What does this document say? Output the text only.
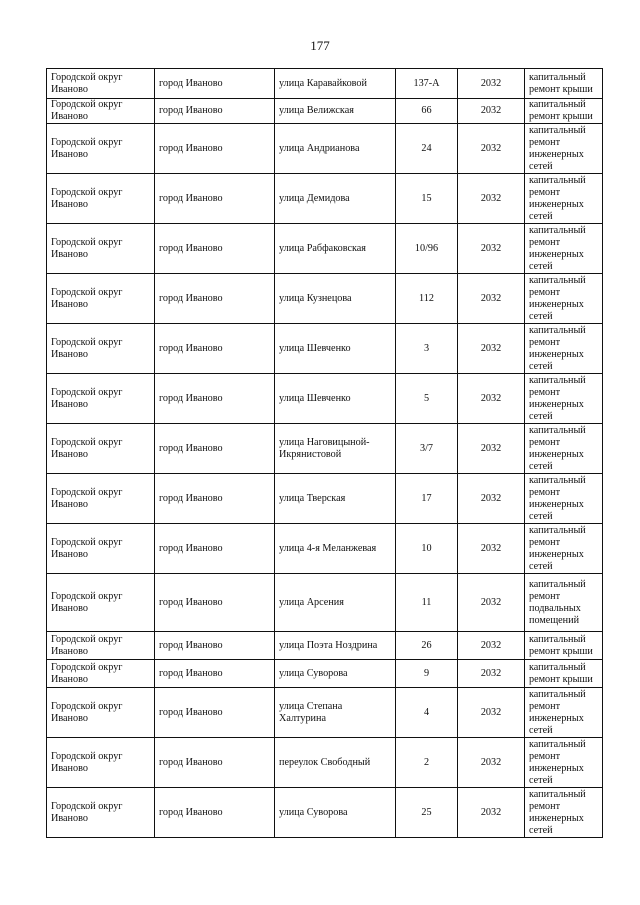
177
Городской округ Иваново	город Иваново	улица Каравайковой	137-А	2032	капитальный ремонт крыши
Городской округ Иваново	город Иваново	улица Велижская	66	2032	капитальный ремонт крыши
Городской округ Иваново	город Иваново	улица Андрианова	24	2032	капитальный ремонт инженерных сетей
Городской округ Иваново	город Иваново	улица Демидова	15	2032	капитальный ремонт инженерных сетей
Городской округ Иваново	город Иваново	улица Рабфаковская	10/96	2032	капитальный ремонт инженерных сетей
Городской округ Иваново	город Иваново	улица Кузнецова	112	2032	капитальный ремонт инженерных сетей
Городской округ Иваново	город Иваново	улица Шевченко	3	2032	капитальный ремонт инженерных сетей
Городской округ Иваново	город Иваново	улица Шевченко	5	2032	капитальный ремонт инженерных сетей
Городской округ Иваново	город Иваново	улица Наговицыной-Икрянистовой	3/7	2032	капитальный ремонт инженерных сетей
Городской округ Иваново	город Иваново	улица Тверская	17	2032	капитальный ремонт инженерных сетей
Городской округ Иваново	город Иваново	улица 4-я Меланжевая	10	2032	капитальный ремонт инженерных сетей
Городской округ Иваново	город Иваново	улица Арсения	11	2032	капитальный ремонт подвальных помещений
Городской округ Иваново	город Иваново	улица Поэта Ноздрина	26	2032	капитальный ремонт крыши
Городской округ Иваново	город Иваново	улица Суворова	9	2032	капитальный ремонт крыши
Городской округ Иваново	город Иваново	улица Степана Халтурина	4	2032	капитальный ремонт инженерных сетей
Городской округ Иваново	город Иваново	переулок Свободный	2	2032	капитальный ремонт инженерных сетей
Городской округ Иваново	город Иваново	улица Суворова	25	2032	капитальный ремонт инженерных сетей
